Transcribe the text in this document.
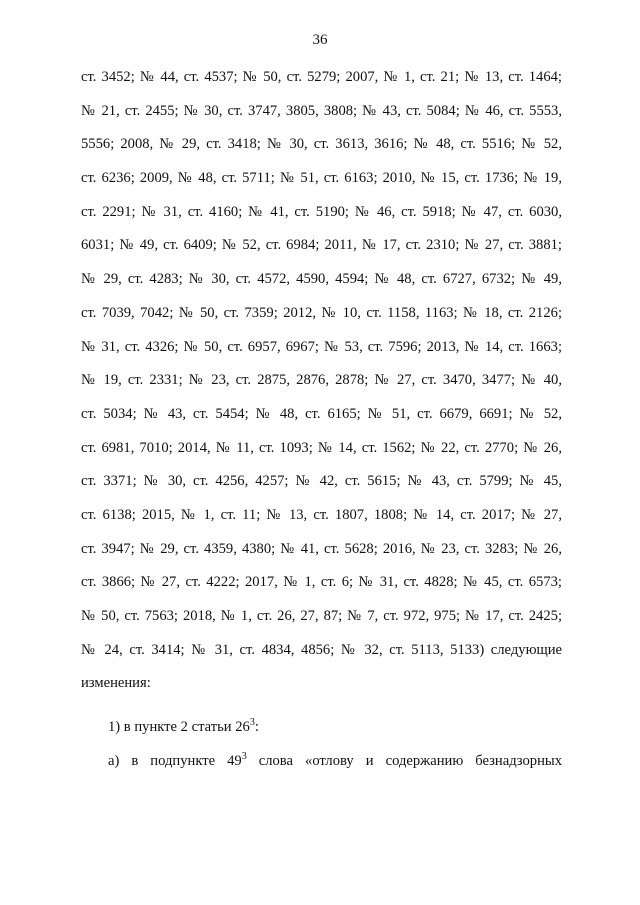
36
ст. 3452; № 44, ст. 4537; № 50, ст. 5279; 2007, № 1, ст. 21; № 13, ст. 1464;
№ 21, ст. 2455; № 30, ст. 3747, 3805, 3808; № 43, ст. 5084; № 46, ст. 5553,
5556; 2008, № 29, ст. 3418; № 30, ст. 3613, 3616; № 48, ст. 5516; № 52,
ст. 6236; 2009, № 48, ст. 5711; № 51, ст. 6163; 2010, № 15, ст. 1736; № 19,
ст. 2291; № 31, ст. 4160; № 41, ст. 5190; № 46, ст. 5918; № 47, ст. 6030,
6031; № 49, ст. 6409; № 52, ст. 6984; 2011, № 17, ст. 2310; № 27, ст. 3881;
№ 29, ст. 4283; № 30, ст. 4572, 4590, 4594; № 48, ст. 6727, 6732; № 49,
ст. 7039, 7042; № 50, ст. 7359; 2012, № 10, ст. 1158, 1163; № 18, ст. 2126;
№ 31, ст. 4326; № 50, ст. 6957, 6967; № 53, ст. 7596; 2013, № 14, ст. 1663;
№ 19, ст. 2331; № 23, ст. 2875, 2876, 2878; № 27, ст. 3470, 3477; № 40,
ст. 5034; № 43, ст. 5454; № 48, ст. 6165; № 51, ст. 6679, 6691; № 52,
ст. 6981, 7010; 2014, № 11, ст. 1093; № 14, ст. 1562; № 22, ст. 2770; № 26,
ст. 3371; № 30, ст. 4256, 4257; № 42, ст. 5615; № 43, ст. 5799; № 45,
ст. 6138; 2015, № 1, ст. 11; № 13, ст. 1807, 1808; № 14, ст. 2017; № 27,
ст. 3947; № 29, ст. 4359, 4380; № 41, ст. 5628; 2016, № 23, ст. 3283; № 26,
ст. 3866; № 27, ст. 4222; 2017, № 1, ст. 6; № 31, ст. 4828; № 45, ст. 6573;
№ 50, ст. 7563; 2018, № 1, ст. 26, 27, 87; № 7, ст. 972, 975; № 17, ст. 2425;
№ 24, ст. 3414; № 31, ст. 4834, 4856; № 32, ст. 5113, 5133) следующие
изменения:
1) в пункте 2 статьи $26^3$:
а) в подпункте $49^3$ слова «отлову и содержанию безнадзорных
